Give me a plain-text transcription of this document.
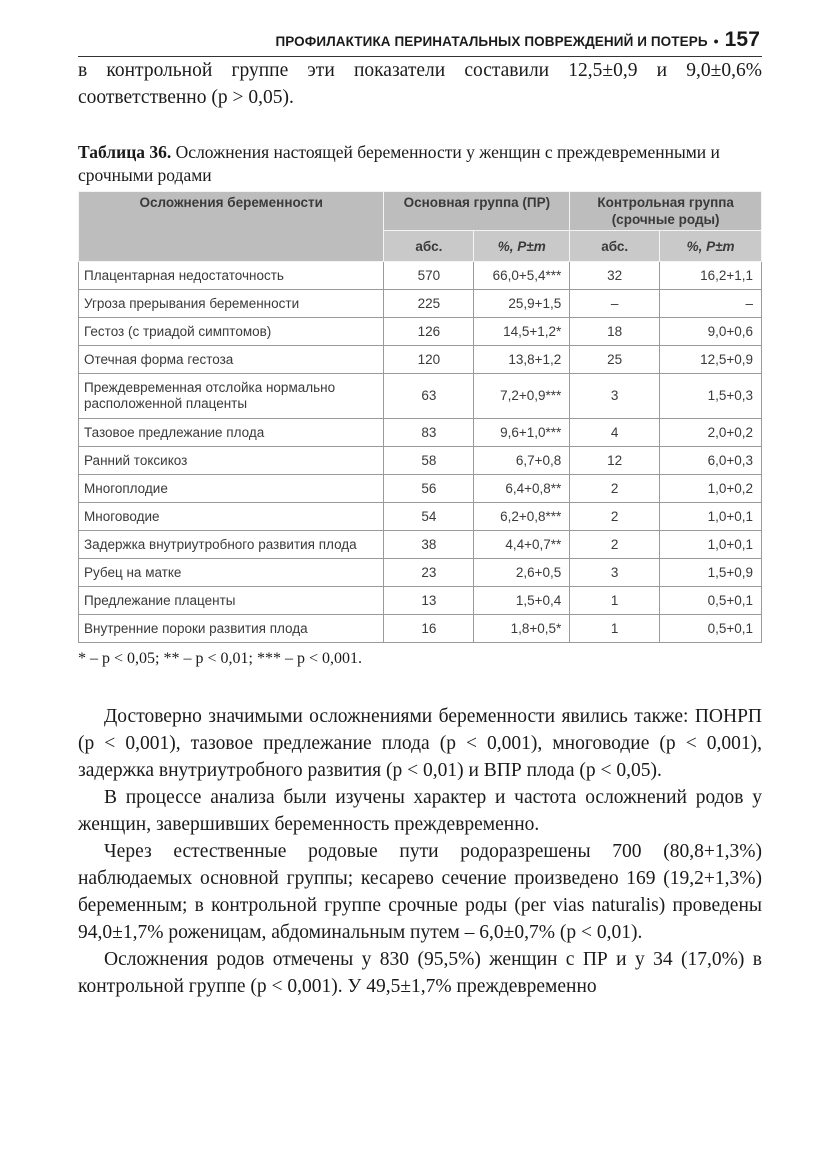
ПРОФИЛАКТИКА ПЕРИНАТАЛЬНЫХ ПОВРЕЖДЕНИЙ И ПОТЕРЬ • 157

в контрольной группе эти показатели составили 12,5±0,9 и 9,0±0,6% соответственно (p > 0,05).

Таблица 36. Осложнения настоящей беременности у женщин с преждевременными и срочными родами
Осложнения беременности	Основная группа (ПР)		Контрольная группа (срочные роды)	
	абс.	%, P±m	абс.	%, P±m
Плацентарная недостаточность	570	66,0+5,4***	32	16,2+1,1
Угроза прерывания беременности	225	25,9+1,5	–	–
Гестоз (с триадой симптомов)	126	14,5+1,2*	18	9,0+0,6
Отечная форма гестоза	120	13,8+1,2	25	12,5+0,9
Преждевременная отслойка нормально расположенной плаценты	63	7,2+0,9***	3	1,5+0,3
Тазовое предлежание плода	83	9,6+1,0***	4	2,0+0,2
Ранний токсикоз	58	6,7+0,8	12	6,0+0,3
Многоплодие	56	6,4+0,8**	2	1,0+0,2
Многоводие	54	6,2+0,8***	2	1,0+0,1
Задержка внутриутробного развития плода	38	4,4+0,7**	2	1,0+0,1
Рубец на матке	23	2,6+0,5	3	1,5+0,9
Предлежание плаценты	13	1,5+0,4	1	0,5+0,1
Внутренние пороки развития плода	16	1,8+0,5*	1	0,5+0,1
* – p < 0,05; ** – p < 0,01; *** – p < 0,001.

Достоверно значимыми осложнениями беременности явились также: ПОНРП (p < 0,001), тазовое предлежание плода (p < 0,001), многоводие (p < 0,001), задержка внутриутробного развития (p < 0,01) и ВПР плода (p < 0,05).

В процессе анализа были изучены характер и частота осложнений родов у женщин, завершивших беременность преждевременно.

Через естественные родовые пути родоразрешены 700 (80,8+1,3%) наблюдаемых основной группы; кесарево сечение произведено 169 (19,2+1,3%) беременным; в контрольной группе срочные роды (per vias naturalis) проведены 94,0±1,7% роженицам, абдоминальным путем – 6,0±0,7% (p < 0,01).

Осложнения родов отмечены у 830 (95,5%) женщин с ПР и у 34 (17,0%) в контрольной группе (p < 0,001). У 49,5±1,7% преждевременно
